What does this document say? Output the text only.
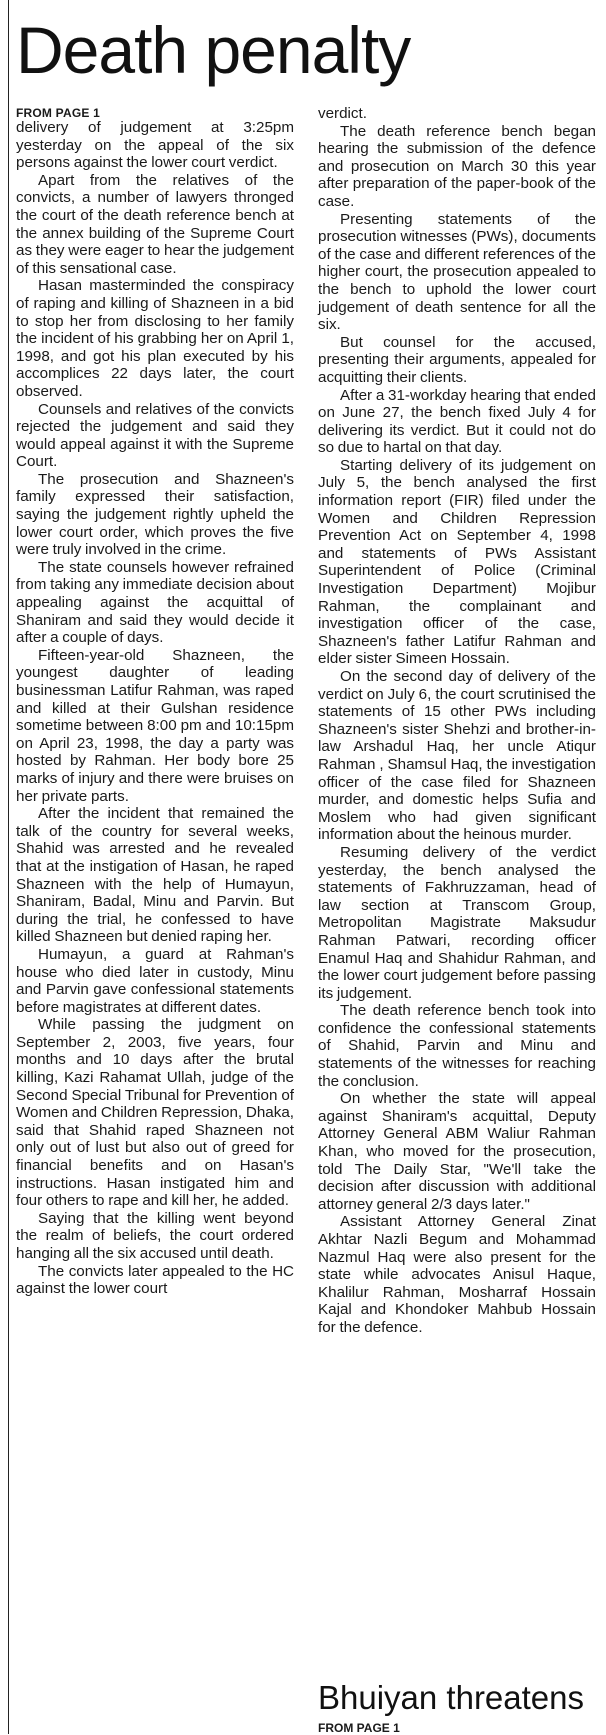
Death penalty
FROM PAGE 1

delivery of judgement at 3:25pm yesterday on the appeal of the six persons against the lower court verdict.

Apart from the relatives of the convicts, a number of lawyers thronged the court of the death reference bench at the annex building of the Supreme Court as they were eager to hear the judgement of this sensational case.

Hasan masterminded the conspiracy of raping and killing of Shazneen in a bid to stop her from disclosing to her family the incident of his grabbing her on April 1, 1998, and got his plan executed by his accomplices 22 days later, the court observed.

Counsels and relatives of the convicts rejected the judgement and said they would appeal against it with the Supreme Court.

The prosecution and Shazneen's family expressed their satisfaction, saying the judgement rightly upheld the lower court order, which proves the five were truly involved in the crime.

The state counsels however refrained from taking any immediate decision about appealing against the acquittal of Shaniram and said they would decide it after a couple of days.

Fifteen-year-old Shazneen, the youngest daughter of leading businessman Latifur Rahman, was raped and killed at their Gulshan residence sometime between 8:00 pm and 10:15pm on April 23, 1998, the day a party was hosted by Rahman. Her body bore 25 marks of injury and there were bruises on her private parts.

After the incident that remained the talk of the country for several weeks, Shahid was arrested and he revealed that at the instigation of Hasan, he raped Shazneen with the help of Humayun, Shaniram, Badal, Minu and Parvin. But during the trial, he confessed to have killed Shazneen but denied raping her.

Humayun, a guard at Rahman's house who died later in custody, Minu and Parvin gave confessional statements before magistrates at different dates.

While passing the judgment on September 2, 2003, five years, four months and 10 days after the brutal killing, Kazi Rahamat Ullah, judge of the Second Special Tribunal for Prevention of Women and Children Repression, Dhaka, said that Shahid raped Shazneen not only out of lust but also out of greed for financial benefits and on Hasan's instructions. Hasan instigated him and four others to rape and kill her, he added.

Saying that the killing went beyond the realm of beliefs, the court ordered hanging all the six accused until death.

The convicts later appealed to the HC against the lower court

verdict.

The death reference bench began hearing the submission of the defence and prosecution on March 30 this year after preparation of the paper-book of the case.

Presenting statements of the prosecution witnesses (PWs), documents of the case and different references of the higher court, the prosecution appealed to the bench to uphold the lower court judgement of death sentence for all the six.

But counsel for the accused, presenting their arguments, appealed for acquitting their clients.

After a 31-workday hearing that ended on June 27, the bench fixed July 4 for delivering its verdict. But it could not do so due to hartal on that day.

Starting delivery of its judgement on July 5, the bench analysed the first information report (FIR) filed under the Women and Children Repression Prevention Act on September 4, 1998 and statements of PWs Assistant Superintendent of Police (Criminal Investigation Department) Mojibur Rahman, the complainant and investigation officer of the case, Shazneen's father Latifur Rahman and elder sister Simeen Hossain.

On the second day of delivery of the verdict on July 6, the court scrutinised the statements of 15 other PWs including Shazneen's sister Shehzi and brother-in-law Arshadul Haq, her uncle Atiqur Rahman , Shamsul Haq, the investigation officer of the case filed for Shazneen murder, and domestic helps Sufia and Moslem who had given significant information about the heinous murder.

Resuming delivery of the verdict yesterday, the bench analysed the statements of Fakhruzzaman, head of law section at Transcom Group, Metropolitan Magistrate Maksudur Rahman Patwari, recording officer Enamul Haq and Shahidur Rahman, and the lower court judgement before passing its judgement.

The death reference bench took into confidence the confessional statements of Shahid, Parvin and Minu and statements of the witnesses for reaching the conclusion.

On whether the state will appeal against Shaniram's acquittal, Deputy Attorney General ABM Waliur Rahman Khan, who moved for the prosecution, told The Daily Star, "We'll take the decision after discussion with additional attorney general 2/3 days later."

Assistant Attorney General Zinat Akhtar Nazli Begum and Mohammad Nazmul Haq were also present for the state while advocates Anisul Haque, Khalilur Rahman, Mosharraf Hossain Kajal and Khondoker Mahbub Hossain for the defence.

Bhuiyan threatens
FROM PAGE 1
